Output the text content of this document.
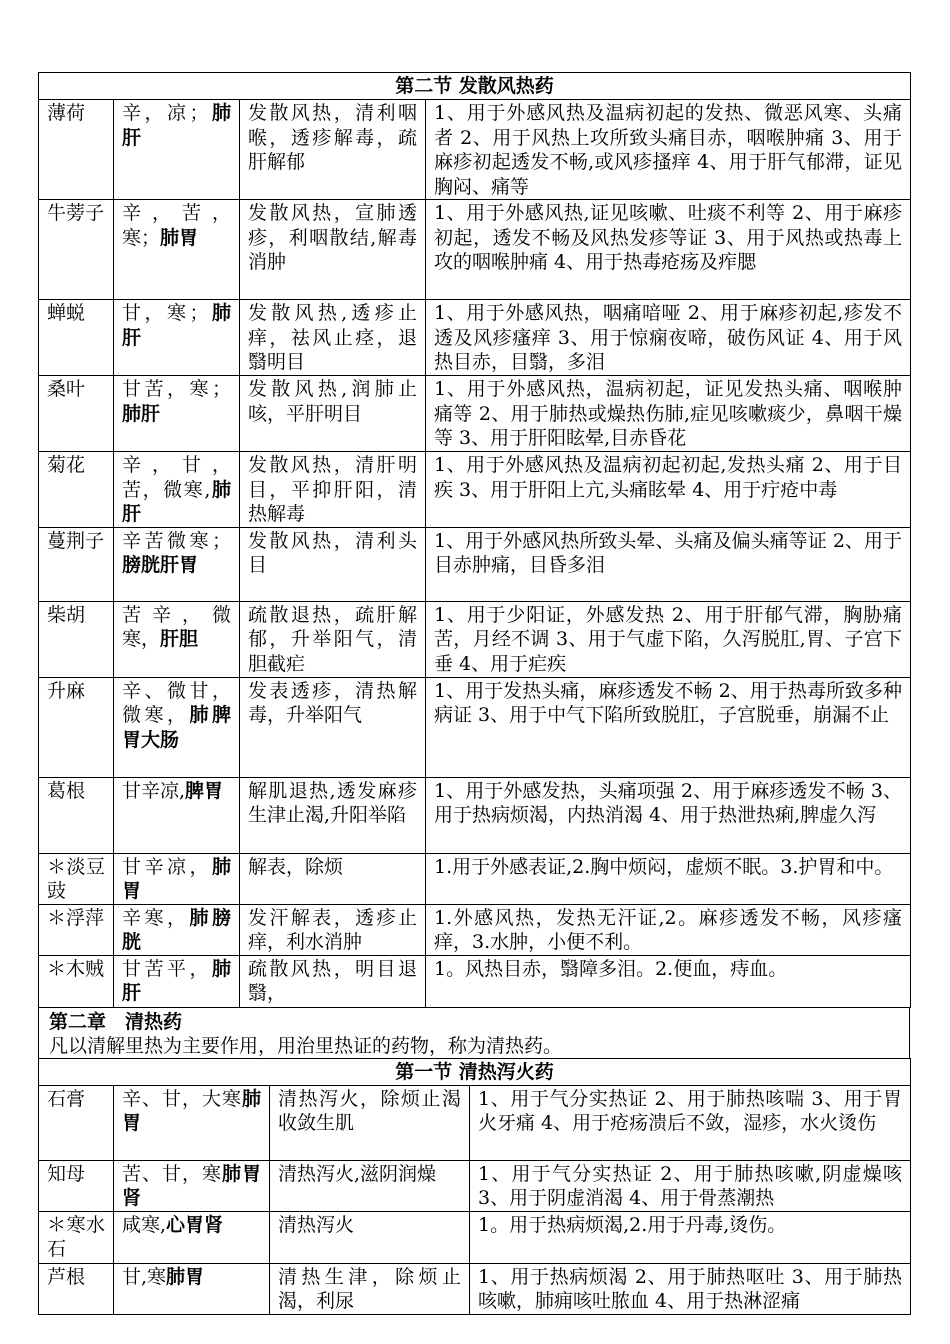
第二节 发散风热药			
薄荷	辛，凉；肺肝	发散风热，清利咽喉，透疹解毒，疏肝解郁	1、用于外感风热及温病初起的发热、微恶风寒、头痛者 2、用于风热上攻所致头痛目赤，咽喉肿痛 3、用于麻疹初起透发不畅,或风疹搔痒 4、用于肝气郁滞，证见胸闷、痛等
牛蒡子	辛，苦，寒；肺胃	发散风热，宣肺透疹，利咽散结,解毒消肿	1、用于外感风热,证见咳嗽、吐痰不利等 2、用于麻疹初起，透发不畅及风热发疹等证 3、用于风热或热毒上攻的咽喉肿痛 4、用于热毒疮疡及痄腮
蝉蜕	甘，寒；肺肝	发散风热,透疹止痒，祛风止痉，退翳明目	1、用于外感风热，咽痛喑哑 2、用于麻疹初起,疹发不透及风疹瘙痒 3、用于惊痫夜啼，破伤风证 4、用于风热目赤，目翳，多泪
桑叶	甘苦，寒；肺肝	发散风热,润肺止咳，平肝明目	1、用于外感风热，温病初起，证见发热头痛、咽喉肿痛等 2、用于肺热或燥热伤肺,症见咳嗽痰少，鼻咽干燥等 3、用于肝阳眩晕,目赤昏花
菊花	辛，甘，苦，微寒,肺肝	发散风热，清肝明目，平抑肝阳，清热解毒	1、用于外感风热及温病初起初起,发热头痛 2、用于目疾 3、用于肝阳上亢,头痛眩晕 4、用于疔疮中毒
蔓荆子	辛苦微寒；膀胱肝胃	发散风热，清利头目	1、用于外感风热所致头晕、头痛及偏头痛等证 2、用于目赤肿痛，目昏多泪
柴胡	苦辛，微寒，肝胆	疏散退热，疏肝解郁，升举阳气，清胆截疟	1、用于少阳证，外感发热 2、用于肝郁气滞，胸胁痛苦，月经不调 3、用于气虚下陷，久泻脱肛,胃、子宫下垂 4、用于疟疾
升麻	辛、微甘，微寒，肺脾胃大肠	发表透疹，清热解毒，升举阳气	1、用于发热头痛，麻疹透发不畅 2、用于热毒所致多种病证 3、用于中气下陷所致脱肛，子宫脱垂，崩漏不止
葛根	甘辛凉,脾胃	解肌退热,透发麻疹生津止渴,升阳举陷	1、用于外感发热，头痛项强 2、用于麻疹透发不畅 3、用于热病烦渴，内热消渴 4、用于热泄热痢,脾虚久泻
＊淡豆豉	甘辛凉，肺胃	解表，除烦	1.用于外感表证,2.胸中烦闷，虚烦不眠。3.护胃和中。
＊浮萍	辛寒，肺膀胱	发汗解表，透疹止痒，利水消肿	1.外感风热，发热无汗证,2。麻疹透发不畅，风疹瘙痒，3.水肿，小便不利。
＊木贼	甘苦平，肺肝	疏散风热，明目退翳，	1。风热目赤，翳障多泪。2.便血，痔血。
第二章　清热药
凡以清解里热为主要作用，用治里热证的药物，称为清热药。
第一节 清热泻火药			
石膏	辛、甘，大寒肺胃	清热泻火，除烦止渴收敛生肌	1、用于气分实热证 2、用于肺热咳喘 3、用于胃火牙痛 4、用于疮疡溃后不敛，湿疹，水火烫伤
知母	苦、甘，寒肺胃肾	清热泻火,滋阴润燥	1、用于气分实热证 2、用于肺热咳嗽,阴虚燥咳 3、用于阴虚消渴 4、用于骨蒸潮热
＊寒水石	咸寒,心胃肾	清热泻火	1。用于热病烦渴,2.用于丹毒,烫伤。
芦根	甘,寒肺胃	清热生津，除烦止渴，利尿	1、用于热病烦渴 2、用于肺热呕吐 3、用于肺热咳嗽，肺痈咳吐脓血 4、用于热淋涩痛
